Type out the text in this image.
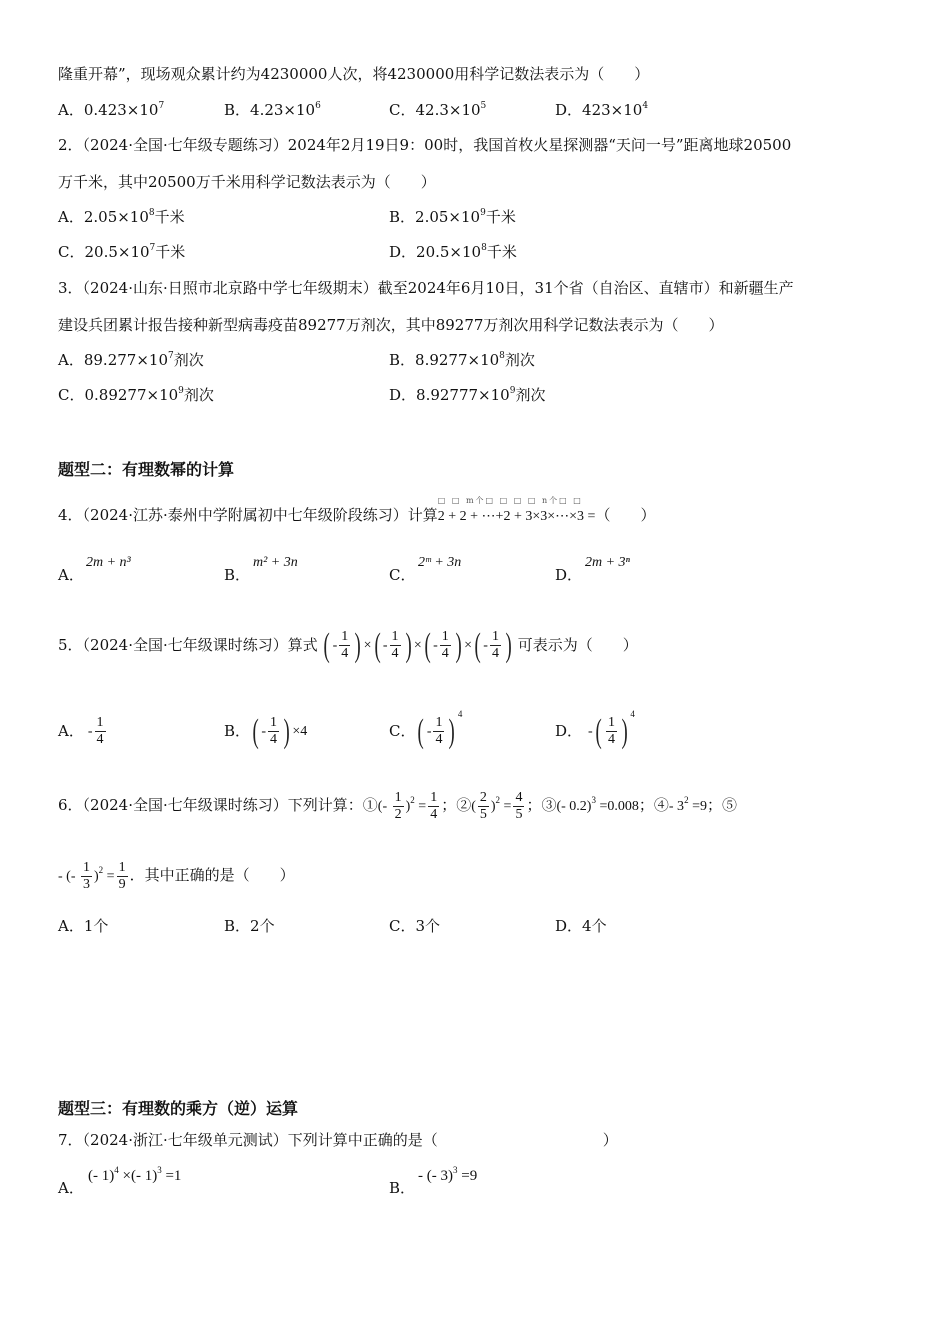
隆重开幕”，现场观众累计约为4230000人次，将4230000用科学记数法表示为（　　）
A．$0.423\times 10^7$	B．$4.23\times 10^6$	C．$42.3\times 10^5$	D．$423\times 10^4$
2．（2024·全国·七年级专题练习）2024年2月19日9：00时，我国首枚火星探测器“天问一号”距离地球20500
万千米，其中20500万千米用科学记数法表示为（　　）
A．$2.05\times 10^8$千米	B．$2.05\times 10^9$千米
C．$20.5\times 10^7$千米	D．$20.5\times 10^8$千米
3．（2024·山东·日照市北京路中学七年级期末）截至2024年6月10日，31个省（自治区、直辖市）和新疆生产
建设兵团累计报告接种新型病毒疫苗89277万剂次，其中89277万剂次用科学记数法表示为（　　）
A．$89.277\times 10^7$剂次	B．$8.9277\times 10^8$剂次
C．$0.89277\times 10^9$剂次	D．$8.92777\times 10^9$剂次
题型二：有理数幂的计算
4．（2024·江苏·泰州中学附属初中七年级阶段练习）计算
□ □ m个□ □ □ □ n个□ □
2 + 2 + ⋯+2 + 3×3×⋯×3 =（　　）
A．
2m + n³
B．
m² + 3n
C．
2ᵐ + 3n
D．
2m + 3ⁿ
5．（2024·全国·七年级课时练习）算式 ( - $\frac{1}{4}$ ) ×( - $\frac{1}{4}$ ) ×( - $\frac{1}{4}$ ) ×( - $\frac{1}{4}$ ) 可表示为（　　）
A． - $\frac{1}{4}$	B．( - $\frac{1}{4}$ ) ×4	C．( - $\frac{1}{4}$ ) $^4$
D． -( $\frac{1}{4}$ ) $^4$
6．（2024·全国·七年级课时练习）下列计算：①(- $\frac{1}{2} )^2 = \frac{1}{4}$ ；②( $\frac{2}{5} )^2 = \frac{4}{5}$ ；③(- 0.2)$^3$ =0.008；④- $3^2 =9$；⑤
- (- $\frac{1}{3} )^2 = \frac{1}{9}$ ．其中正确的是（　　）
A．1个	B．2个	C．3个	D．4个
题型三：有理数的乘方（逆）运算
7．（2024·浙江·七年级单元测试）下列计算中正确的是（　　　　　　　　　　　）
A．
(- 1)$^4$ ×(- 1)$^3$ =1
B．
- (- 3)$^3$ =9
